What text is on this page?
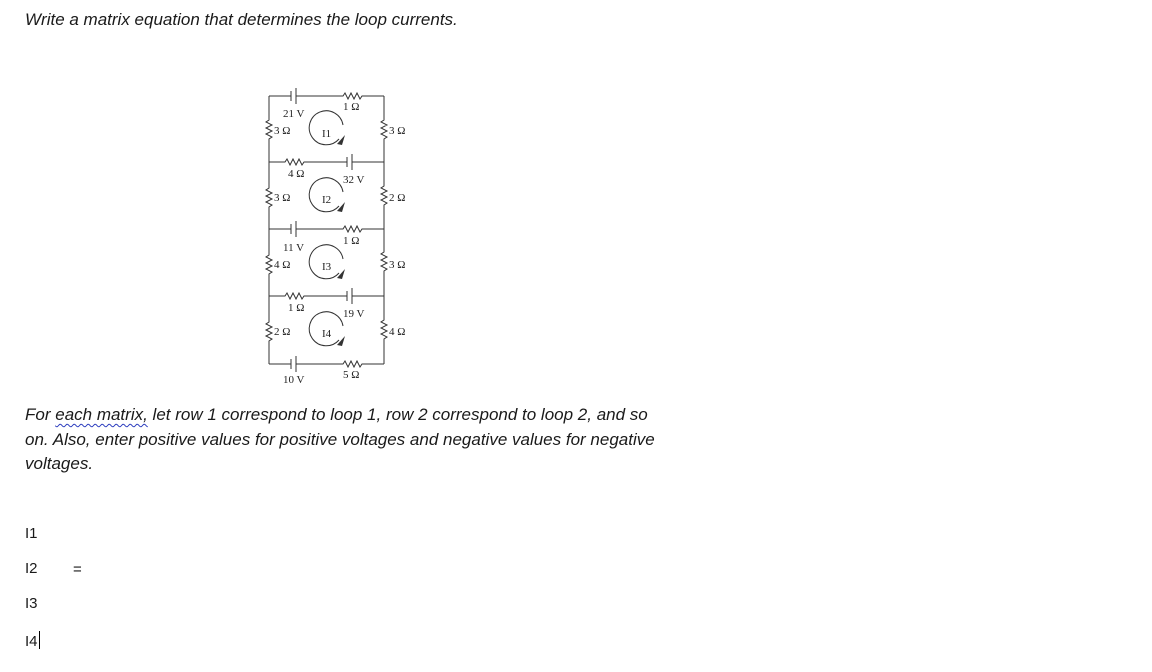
Write a matrix equation that determines the loop currents.
21 V
1 Ω
3 Ω	3 Ω
I1
4 Ω	32 V
3 Ω	2 Ω
I2
11 V
1 Ω
4 Ω	3 Ω
I3
1 Ω	19 V
2 Ω	4 Ω
I4
10 V	5 Ω
For each matrix, let row 1 correspond to loop 1, row 2 correspond to loop 2, and so on. Also, enter positive values for positive voltages and negative values for negative voltages.
I1
I2
I3
I4
=
